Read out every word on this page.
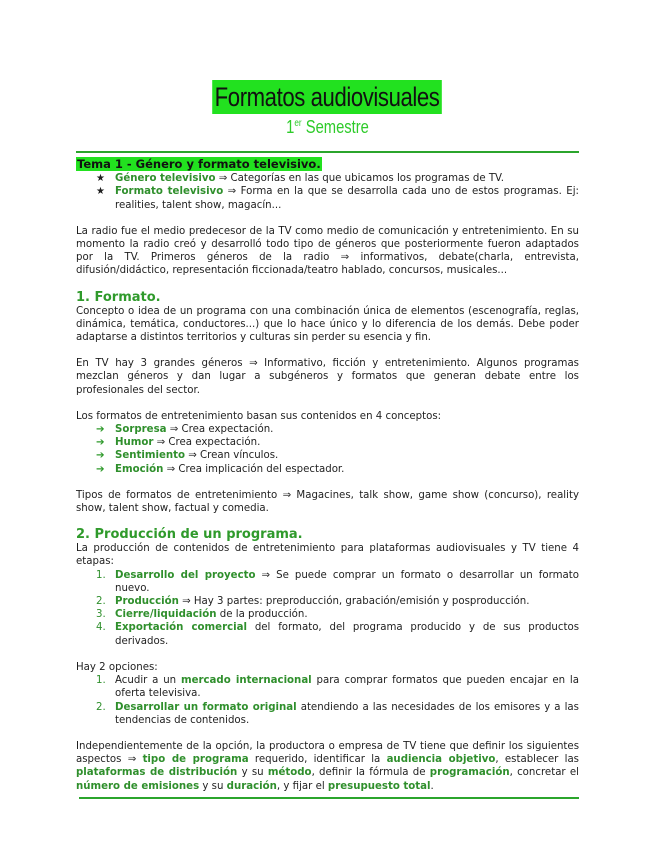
Formatos audiovisuales
1er Semestre
Tema 1 - Género y formato televisivo.
★ Género televisivo ⇒ Categorías en las que ubicamos los programas de TV.
★ Formato televisivo ⇒ Forma en la que se desarrolla cada uno de estos programas. Ej: realities, talent show, magacín...

La radio fue el medio predecesor de la TV como medio de comunicación y entretenimiento. En su momento la radio creó y desarrolló todo tipo de géneros que posteriormente fueron adaptados por la TV. Primeros géneros de la radio ⇒ informativos, debate(charla, entrevista, difusión/didáctico, representación ficcionada/teatro hablado, concursos, musicales...

1. Formato.

Concepto o idea de un programa con una combinación única de elementos (escenografía, reglas, dinámica, temática, conductores...) que lo hace único y lo diferencia de los demás. Debe poder adaptarse a distintos territorios y culturas sin perder su esencia y fin.

En TV hay 3 grandes géneros ⇒ Informativo, ficción y entretenimiento. Algunos programas mezclan géneros y dan lugar a subgéneros y formatos que generan debate entre los profesionales del sector.

Los formatos de entretenimiento basan sus contenidos en 4 conceptos:

➔ Sorpresa ⇒ Crea expectación.
➔ Humor ⇒ Crea expectación.
➔ Sentimiento ⇒ Crean vínculos.
➔ Emoción ⇒ Crea implicación del espectador.

Tipos de formatos de entretenimiento ⇒ Magacines, talk show, game show (concurso), reality show, talent show, factual y comedia.

2. Producción de un programa.

La producción de contenidos de entretenimiento para plataformas audiovisuales y TV tiene 4 etapas:

1. Desarrollo del proyecto ⇒ Se puede comprar un formato o desarrollar un formato nuevo.
2. Producción ⇒ Hay 3 partes: preproducción, grabación/emisión y posproducción.
3. Cierre/liquidación de la producción.
4. Exportación comercial del formato, del programa producido y de sus productos derivados.

Hay 2 opciones:

1. Acudir a un mercado internacional para comprar formatos que pueden encajar en la oferta televisiva.
2. Desarrollar un formato original atendiendo a las necesidades de los emisores y a las tendencias de contenidos.

Independientemente de la opción, la productora o empresa de TV tiene que definir los siguientes aspectos ⇒ tipo de programa requerido, identificar la audiencia objetivo, establecer las plataformas de distribución y su método, definir la fórmula de programación, concretar el número de emisiones y su duración, y fijar el presupuesto total.
